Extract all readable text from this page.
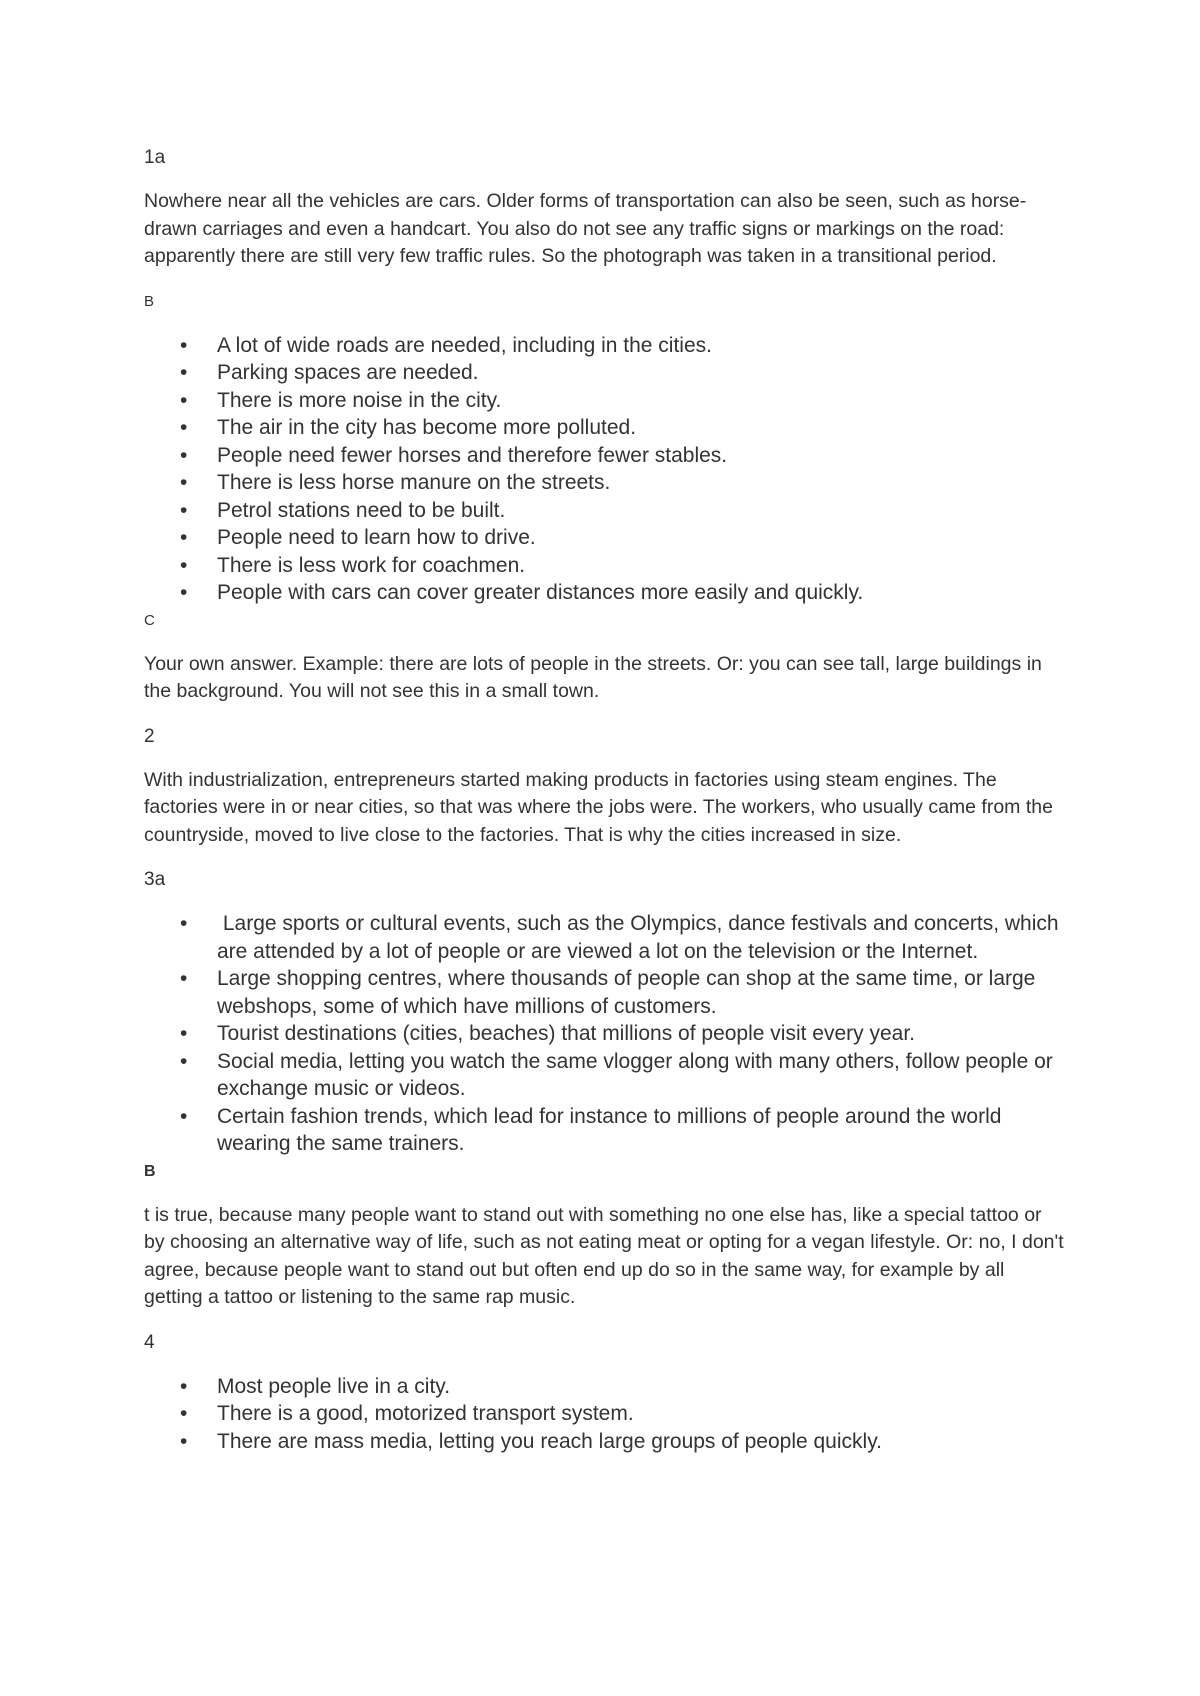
1a
Nowhere near all the vehicles are cars. Older forms of transportation can also be seen, such as horse-drawn carriages and even a handcart. You also do not see any traffic signs or markings on the road: apparently there are still very few traffic rules. So the photograph was taken in a transitional period.
B
• A lot of wide roads are needed, including in the cities.
• Parking spaces are needed.
• There is more noise in the city.
• The air in the city has become more polluted.
• People need fewer horses and therefore fewer stables.
• There is less horse manure on the streets.
• Petrol stations need to be built.
• People need to learn how to drive.
• There is less work for coachmen.
• People with cars can cover greater distances more easily and quickly.
C
Your own answer. Example: there are lots of people in the streets. Or: you can see tall, large buildings in the background. You will not see this in a small town.
2
With industrialization, entrepreneurs started making products in factories using steam engines. The factories were in or near cities, so that was where the jobs were. The workers, who usually came from the countryside, moved to live close to the factories. That is why the cities increased in size.
3a
• Large sports or cultural events, such as the Olympics, dance festivals and concerts, which are attended by a lot of people or are viewed a lot on the television or the Internet.
• Large shopping centres, where thousands of people can shop at the same time, or large webshops, some of which have millions of customers.
• Tourist destinations (cities, beaches) that millions of people visit every year.
• Social media, letting you watch the same vlogger along with many others, follow people or exchange music or videos.
• Certain fashion trends, which lead for instance to millions of people around the world wearing the same trainers.
B
t is true, because many people want to stand out with something no one else has, like a special tattoo or by choosing an alternative way of life, such as not eating meat or opting for a vegan lifestyle. Or: no, I don't agree, because people want to stand out but often end up do so in the same way, for example by all getting a tattoo or listening to the same rap music.
4
• Most people live in a city.
• There is a good, motorized transport system.
• There are mass media, letting you reach large groups of people quickly.
